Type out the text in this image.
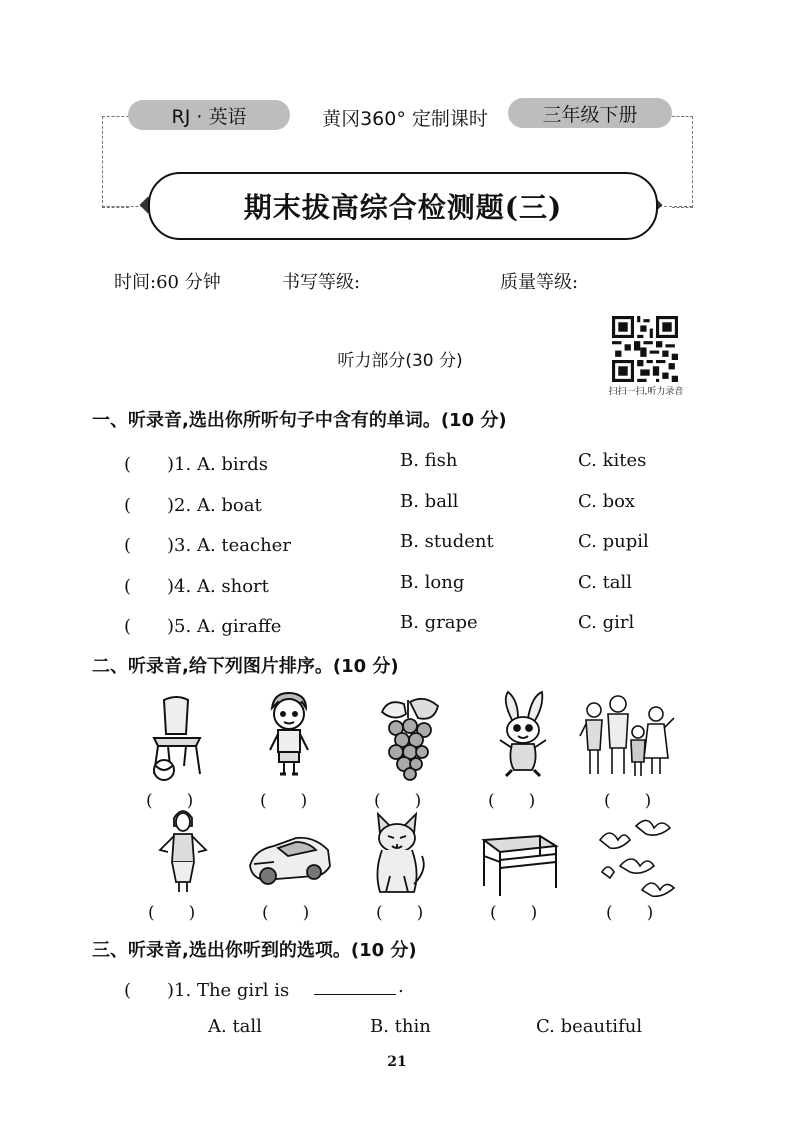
RJ · 英语	黄冈360° 定制课时	三年级下册
期末拔高综合检测题(三)
时间:60 分钟	书写等级:	质量等级:
扫扫一扫,听力录音
听力部分(30 分)
一、听录音,选出你所听句子中含有的单词。(10 分)
(　　)1. A. birds	B. fish	C. kites
(　　)2. A. boat	B. ball	C. box
(　　)3. A. teacher	B. student	C. pupil
(　　)4. A. short	B. long	C. tall
(　　)5. A. giraffe	B. grape	C. girl
二、听录音,给下列图片排序。(10 分)
(　　)	(　　)	(　　)	(　　)	(　　)
(　　)	(　　)	(　　)	(　　)	(　　)
三、听录音,选出你听到的选项。(10 分)
(　　)1. The girl is	.
A. tall	B. thin	C. beautiful
21
